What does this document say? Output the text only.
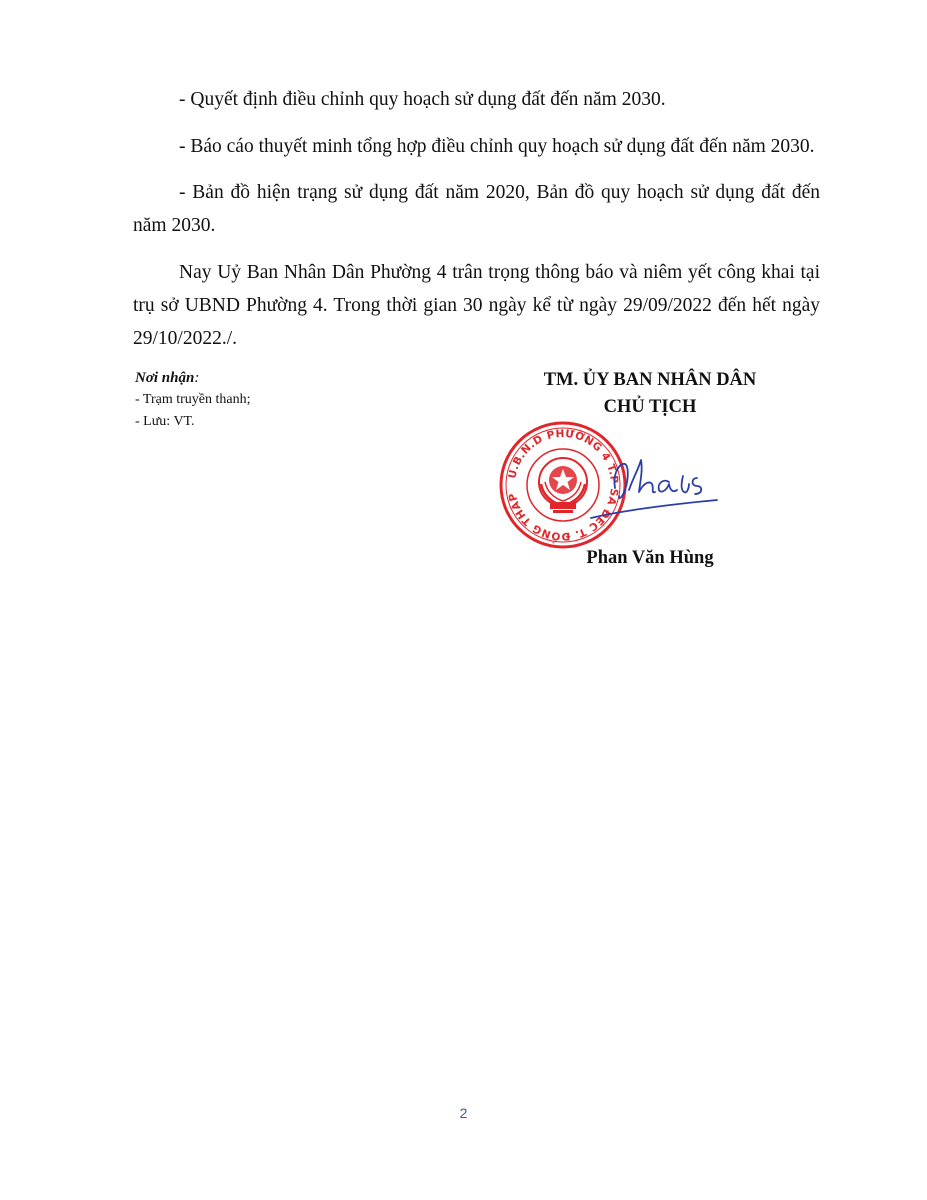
- Quyết định điều chỉnh quy hoạch sử dụng đất đến năm 2030.

- Báo cáo thuyết minh tổng hợp điều chỉnh quy hoạch sử dụng đất đến năm 2030.

- Bản đồ hiện trạng sử dụng đất năm 2020, Bản đồ quy hoạch sử dụng đất đến năm 2030.

Nay Uỷ Ban Nhân Dân Phường 4 trân trọng thông báo và niêm yết công khai tại trụ sở UBND Phường 4. Trong thời gian 30 ngày kể từ ngày 29/09/2022 đến hết ngày 29/10/2022./.

Nơi nhận:
- Trạm truyền thanh;
- Lưu: VT.
TM. ỦY BAN NHÂN DÂN
CHỦ TỊCH
U.B.N.D PHƯỜNG 4 T.P SA ĐÉC T. ĐỒNG THÁP
Phan Văn Hùng
2
